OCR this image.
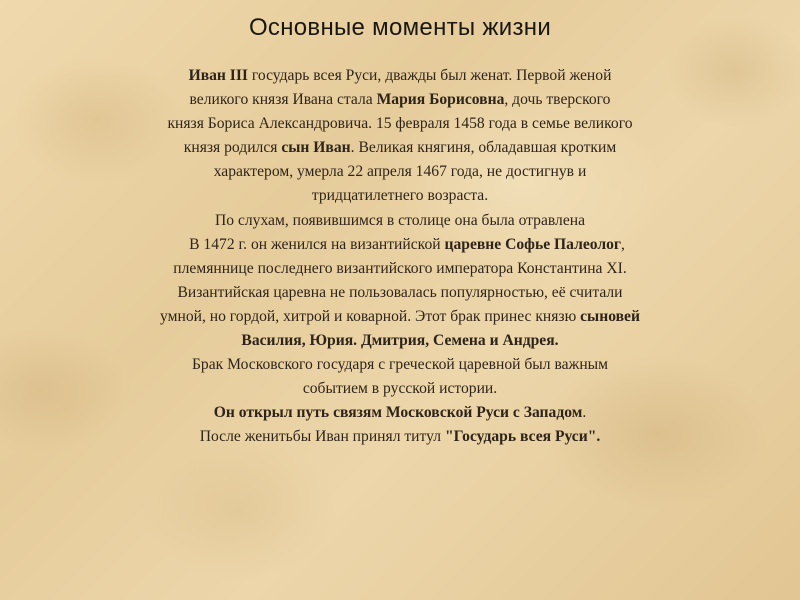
Основные моменты жизни
Иван III государь всея Руси, дважды был женат. Первой женой
великого князя Ивана стала Мария Борисовна, дочь тверского
князя Бориса Александровича. 15 февраля 1458 года в семье великого
князя родился сын Иван. Великая княгиня, обладавшая кротким
характером, умерла 22 апреля 1467 года, не достигнув и
тридцатилетнего возраста.
По слухам, появившимся в столице она была отравлена
В 1472 г. он женился на византийской царевне Софье Палеолог,
племяннице последнего византийского императора Константина XI.
Византийская царевна не пользовалась популярностью, её считали
умной, но гордой, хитрой и коварной. Этот брак принес князю сыновей
Василия, Юрия. Дмитрия, Семена и Андрея.
Брак Московского государя с греческой царевной был важным
событием в русской истории.
Он открыл путь связям Московской Руси с Западом.
После женитьбы Иван принял титул "Государь всея Руси".
